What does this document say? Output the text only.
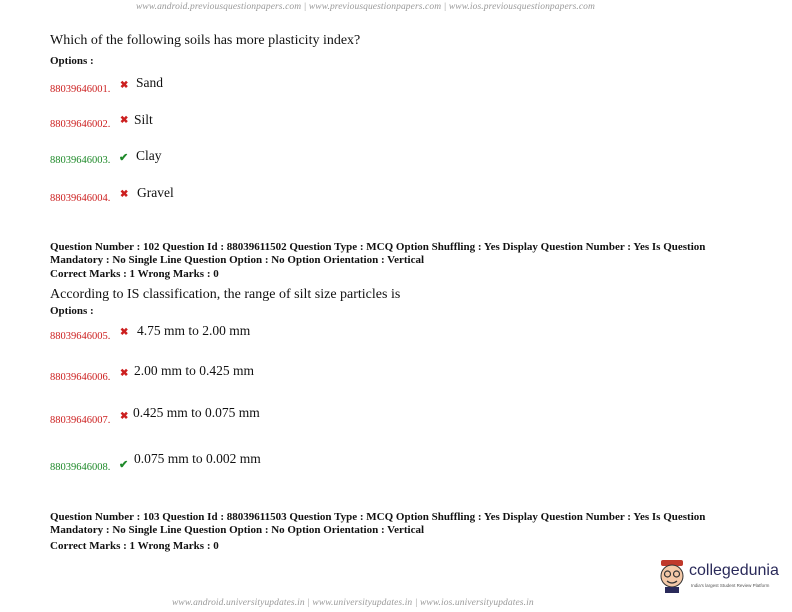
www.android.previousquestionpapers.com | www.previousquestionpapers.com | www.ios.previousquestionpapers.com
Which of the following soils has more plasticity index?
Options :
88039646001. ✖ Sand
88039646002. ✖ Silt
88039646003. ✔ Clay
88039646004. ✖ Gravel
Question Number : 102 Question Id : 88039611502 Question Type : MCQ Option Shuffling : Yes Display Question Number : Yes Is Question Mandatory : No Single Line Question Option : No Option Orientation : Vertical
Correct Marks : 1 Wrong Marks : 0
According to IS classification, the range of silt size particles is
Options :
88039646005. ✖ 4.75 mm to 2.00 mm
88039646006. ✖ 2.00 mm to 0.425 mm
88039646007. ✖ 0.425 mm to 0.075 mm
88039646008. ✔ 0.075 mm to 0.002 mm
Question Number : 103 Question Id : 88039611503 Question Type : MCQ Option Shuffling : Yes Display Question Number : Yes Is Question Mandatory : No Single Line Question Option : No Option Orientation : Vertical
Correct Marks : 1 Wrong Marks : 0
collegedunia
India's largest Student Review Platform
www.android.universityupdates.in | www.universityupdates.in | www.ios.universityupdates.in
